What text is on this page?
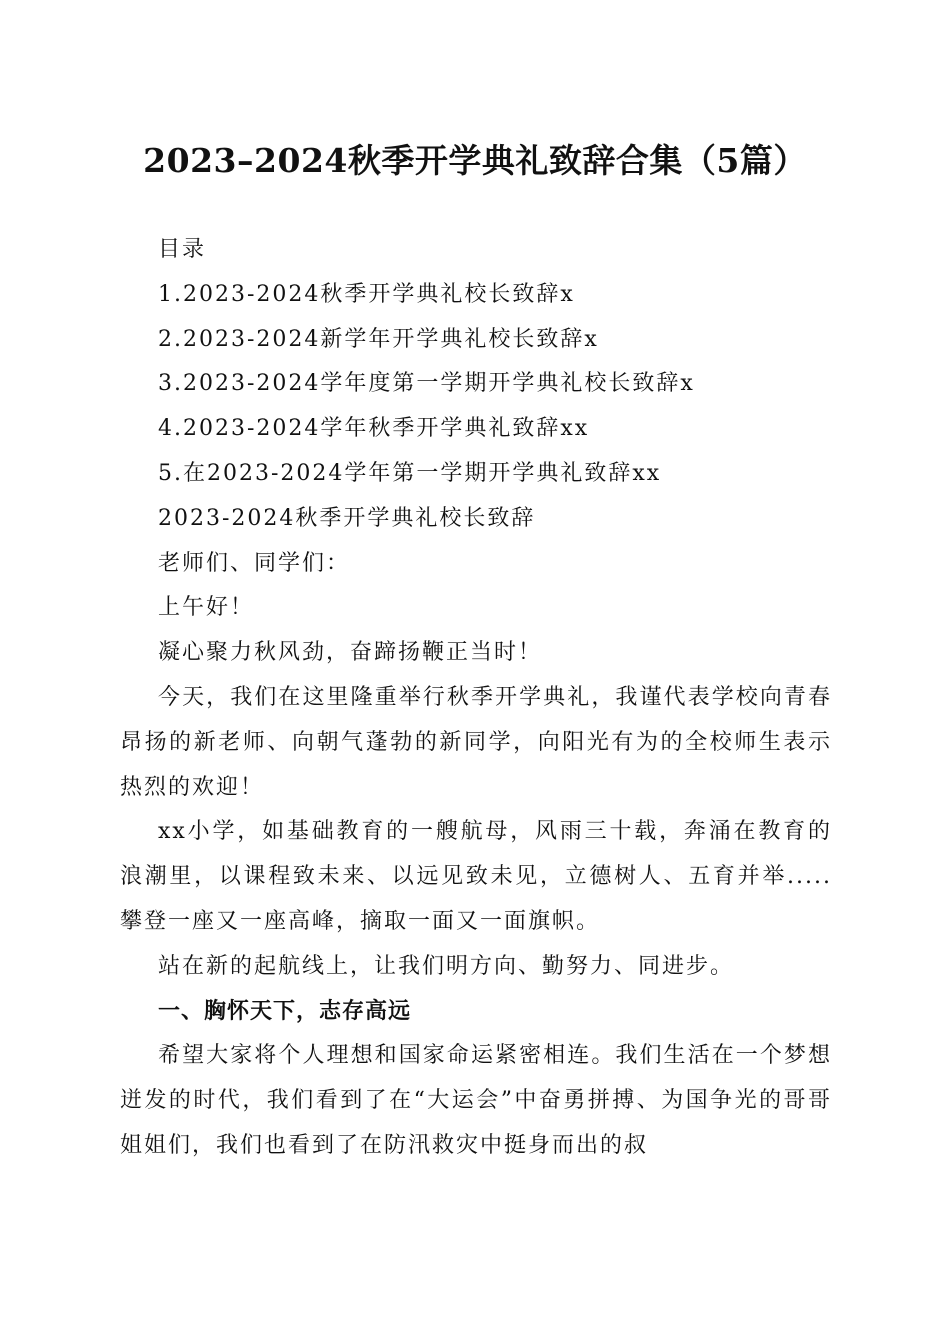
2023–2024秋季开学典礼致辞合集（5篇）

目录

1.2023-2024秋季开学典礼校长致辞x

2.2023-2024新学年开学典礼校长致辞x

3.2023-2024学年度第一学期开学典礼校长致辞x

4.2023-2024学年秋季开学典礼致辞xx

5.在2023-2024学年第一学期开学典礼致辞xx

2023-2024秋季开学典礼校长致辞

老师们、同学们：

上午好！

凝心聚力秋风劲，奋蹄扬鞭正当时！

今天，我们在这里隆重举行秋季开学典礼，我谨代表学校向青春昂扬的新老师、向朝气蓬勃的新同学，向阳光有为的全校师生表示热烈的欢迎！

xx小学，如基础教育的一艘航母，风雨三十载，奔涌在教育的浪潮里，以课程致未来、以远见致未见，立德树人、五育并举.....攀登一座又一座高峰，摘取一面又一面旗帜。

站在新的起航线上，让我们明方向、勤努力、同进步。

一、胸怀天下，志存高远

希望大家将个人理想和国家命运紧密相连。我们生活在一个梦想迸发的时代，我们看到了在“大运会”中奋勇拼搏、为国争光的哥哥姐姐们，我们也看到了在防汛救灾中挺身而出的叔
